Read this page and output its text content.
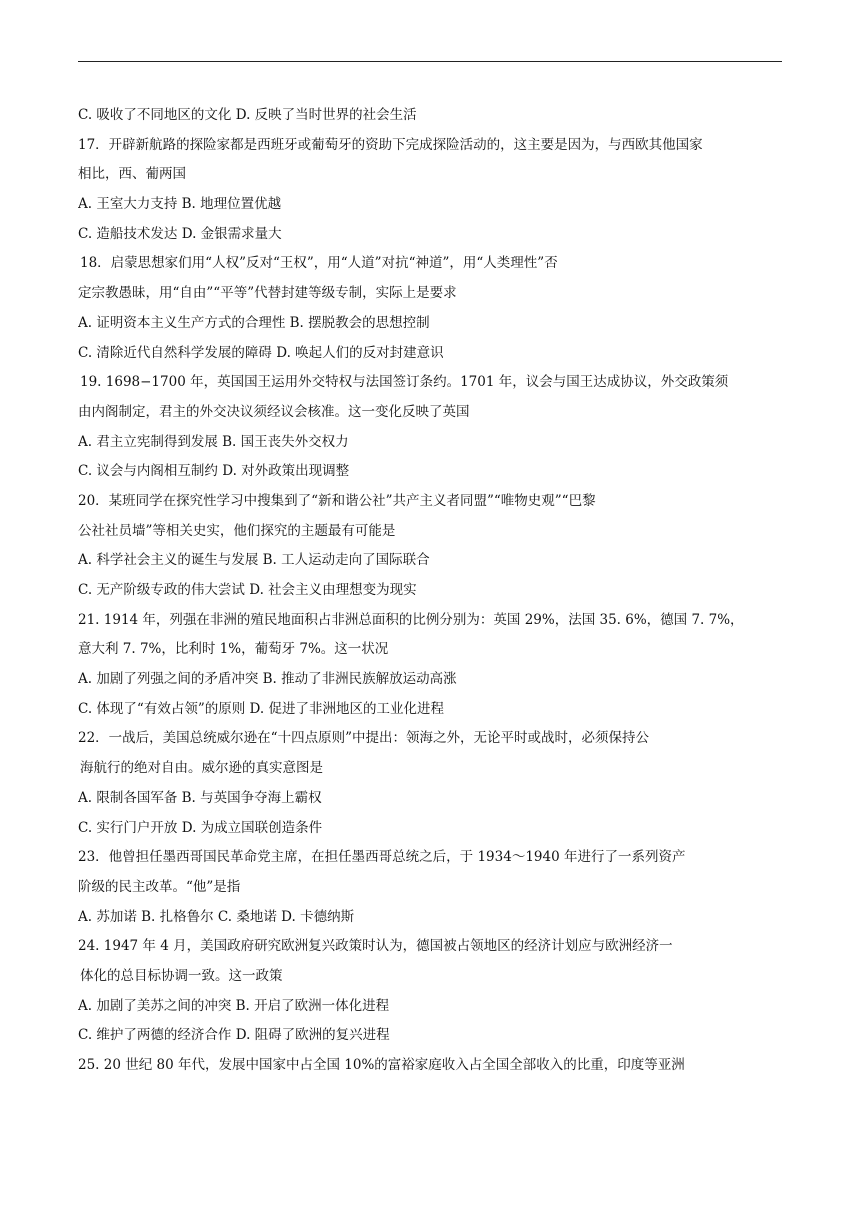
C. 吸收了不同地区的文化 D. 反映了当时世界的社会生活
17．开辟新航路的探险家都是西班牙或葡萄牙的资助下完成探险活动的，这主要是因为，与西欧其他国家
相比，西、葡两国
A. 王室大力支持 B. 地理位置优越
C. 造船技术发达 D. 金银需求量大
18．启蒙思想家们用“人权”反对“王权”，用“人道”对抗“神道”，用“人类理性”否
定宗教愚昧，用“自由”“平等”代替封建等级专制，实际上是要求
A. 证明资本主义生产方式的合理性 B. 摆脱教会的思想控制
C. 清除近代自然科学发展的障碍 D. 唤起人们的反对封建意识
19. 1698−1700 年，英国国王运用外交特权与法国签订条约。1701 年，议会与国王达成协议，外交政策须
由内阁制定，君主的外交决议须经议会核准。这一变化反映了英国
A. 君主立宪制得到发展 B. 国王丧失外交权力
C. 议会与内阁相互制约 D. 对外政策出现调整
20．某班同学在探究性学习中搜集到了“新和谐公社”共产主义者同盟”“唯物史观”“巴黎
公社社员墙”等相关史实，他们探究的主题最有可能是
A. 科学社会主义的诞生与发展 B. 工人运动走向了国际联合
C. 无产阶级专政的伟大尝试 D. 社会主义由理想变为现实
21. 1914 年，列强在非洲的殖民地面积占非洲总面积的比例分别为：英国 29%，法国 35. 6%，德国 7. 7%，
意大利 7. 7%，比利时 1%，葡萄牙 7%。这一状况
A. 加剧了列强之间的矛盾冲突 B. 推动了非洲民族解放运动高涨
C. 体现了“有效占领”的原则 D. 促进了非洲地区的工业化进程
22．一战后，美国总统威尔逊在“十四点原则”中提出：领海之外，无论平时或战时，必须保持公
海航行的绝对自由。威尔逊的真实意图是
A. 限制各国军备 B. 与英国争夺海上霸权
C. 实行门户开放 D. 为成立国联创造条件
23．他曾担任墨西哥国民革命党主席，在担任墨西哥总统之后，于 1934～1940 年进行了一系列资产
阶级的民主改革。“他”是指
A. 苏加诺 B. 扎格鲁尔 C. 桑地诺 D. 卡德纳斯
24. 1947 年 4 月，美国政府研究欧洲复兴政策时认为，德国被占领地区的经济计划应与欧洲经济一
体化的总目标协调一致。这一政策
A. 加剧了美苏之间的冲突 B. 开启了欧洲一体化进程
C. 维护了两德的经济合作 D. 阻碍了欧洲的复兴进程
25. 20 世纪 80 年代，发展中国家中占全国 10%的富裕家庭收入占全国全部收入的比重，印度等亚洲
